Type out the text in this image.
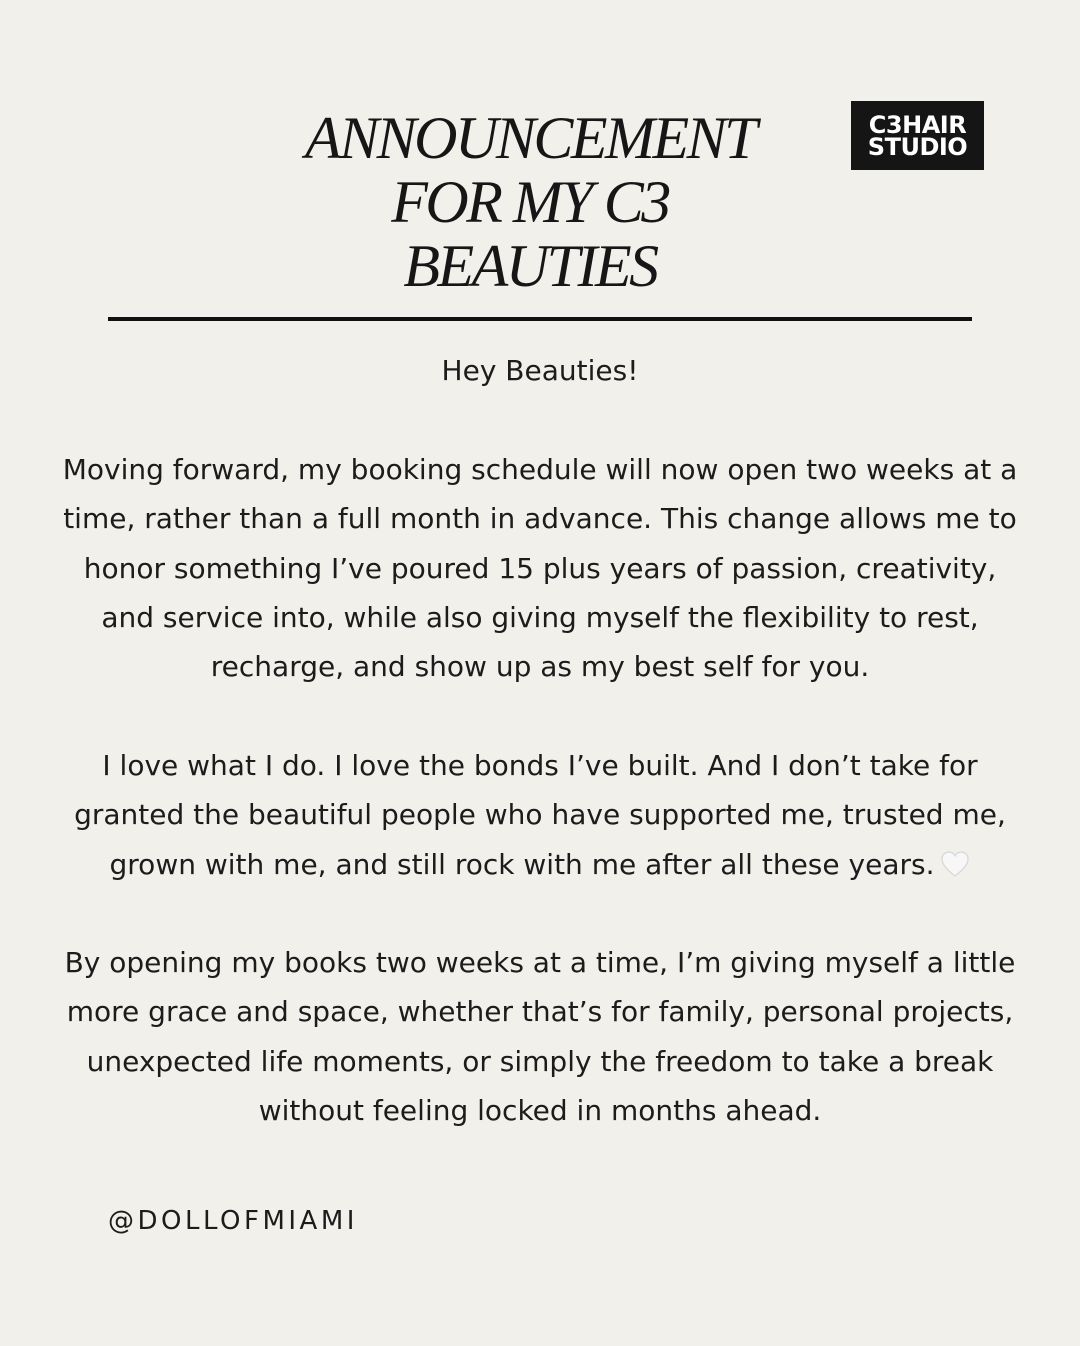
ANNOUNCEMENT
FOR MY C3
BEAUTIES
C3HAIR
STUDIO

Hey Beauties!

Moving forward, my booking schedule will now open two weeks at a
time, rather than a full month in advance. This change allows me to
honor something I’ve poured 15 plus years of passion, creativity,
and service into, while also giving myself the flexibility to rest,
recharge, and show up as my best self for you.

I love what I do. I love the bonds I’ve built. And I don’t take for
granted the beautiful people who have supported me, trusted me,
grown with me, and still rock with me after all these years.

By opening my books two weeks at a time, I’m giving myself a little
more grace and space, whether that’s for family, personal projects,
unexpected life moments, or simply the freedom to take a break
without feeling locked in months ahead.

@DOLLOFMIAMI
